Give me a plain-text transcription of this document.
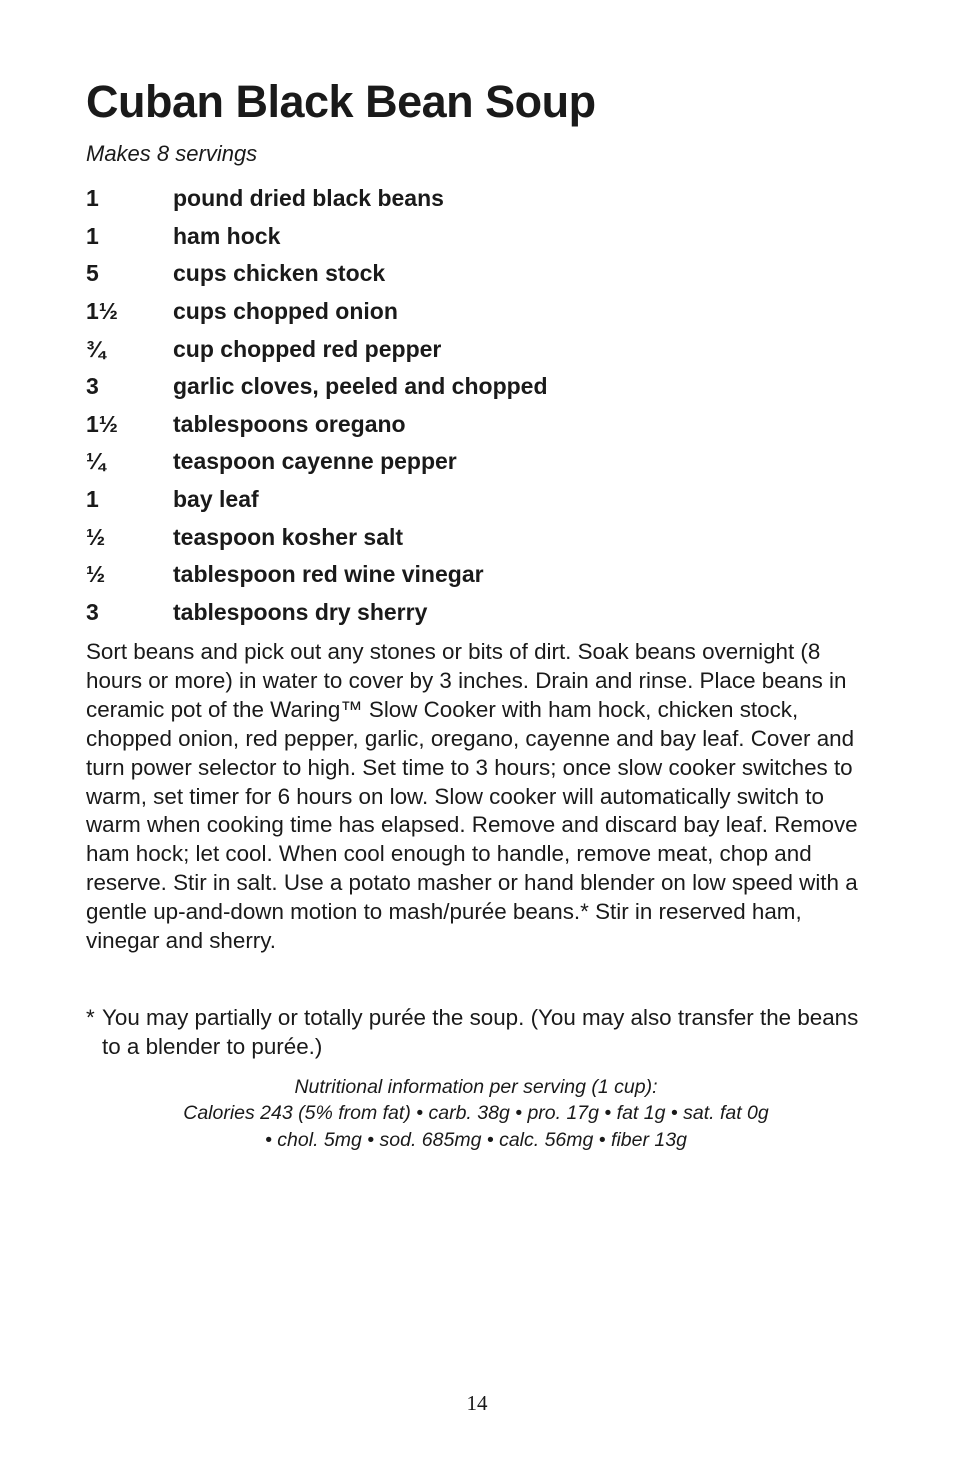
Cuban Black Bean Soup
Makes 8 servings
1	pound dried black beans
1	ham hock
5	cups chicken stock
1½	cups chopped onion
¾	cup chopped red pepper
3	garlic cloves, peeled and chopped
1½	tablespoons oregano
¼	teaspoon cayenne pepper
1	bay leaf
½	teaspoon kosher salt
½	tablespoon red wine vinegar
3	tablespoons dry sherry

Sort beans and pick out any stones or bits of dirt. Soak beans overnight (8 hours or more) in water to cover by 3 inches. Drain and rinse. Place beans in ceramic pot of the Waring™ Slow Cooker with ham hock, chicken stock, chopped onion, red pepper, garlic, oregano, cayenne and bay leaf. Cover and turn power selector to high. Set time to 3 hours; once slow cooker switches to warm, set timer for 6 hours on low. Slow cooker will automatically switch to warm when cooking time has elapsed. Remove and discard bay leaf. Remove ham hock; let cool. When cool enough to handle, remove meat, chop and reserve. Stir in salt. Use a potato masher or hand blender on low speed with a gentle up-and-down motion to mash/purée beans.* Stir in reserved ham, vinegar and sherry.

* You may partially or totally purée the soup. (You may also transfer the beans to a blender to purée.)
Nutritional information per serving (1 cup):
Calories 243 (5% from fat) • carb. 38g • pro. 17g • fat 1g • sat. fat 0g
• chol. 5mg • sod. 685mg • calc. 56mg • fiber 13g
14
